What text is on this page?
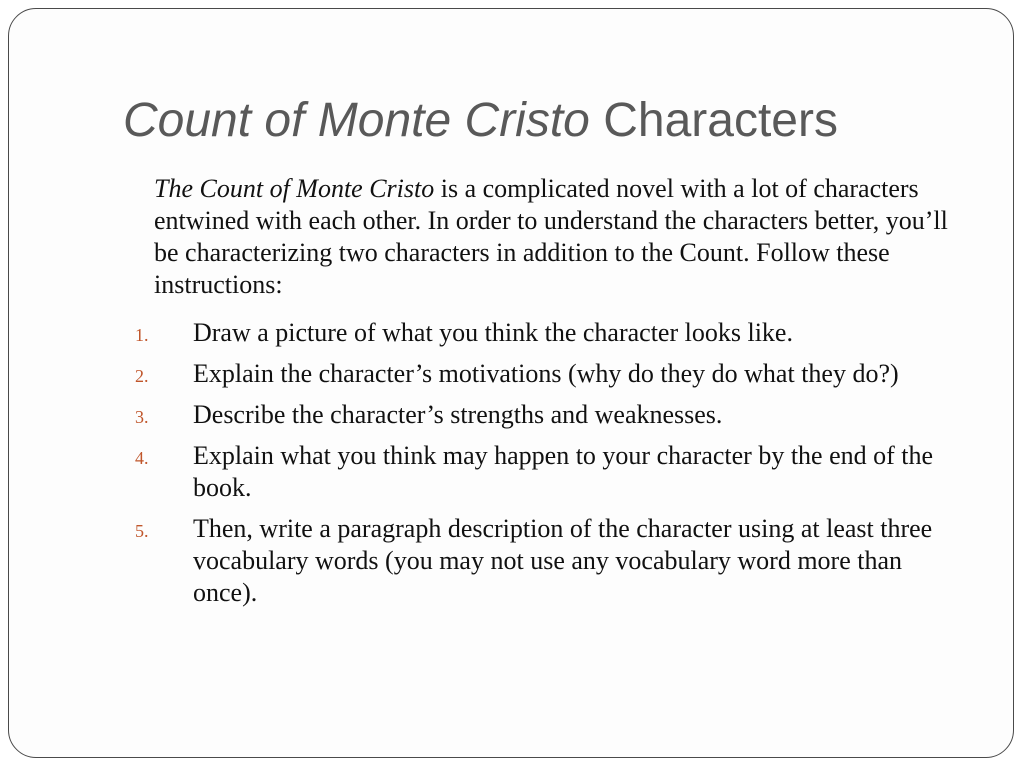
Count of Monte Cristo Characters

The Count of Monte Cristo is a complicated novel with a lot of characters entwined with each other. In order to understand the characters better, you’ll be characterizing two characters in addition to the Count. Follow these instructions:

1. Draw a picture of what you think the character looks like.
2. Explain the character’s motivations (why do they do what they do?)
3. Describe the character’s strengths and weaknesses.
4. Explain what you think may happen to your character by the end of the book.
5. Then, write a paragraph description of the character using at least three vocabulary words (you may not use any vocabulary word more than once).
